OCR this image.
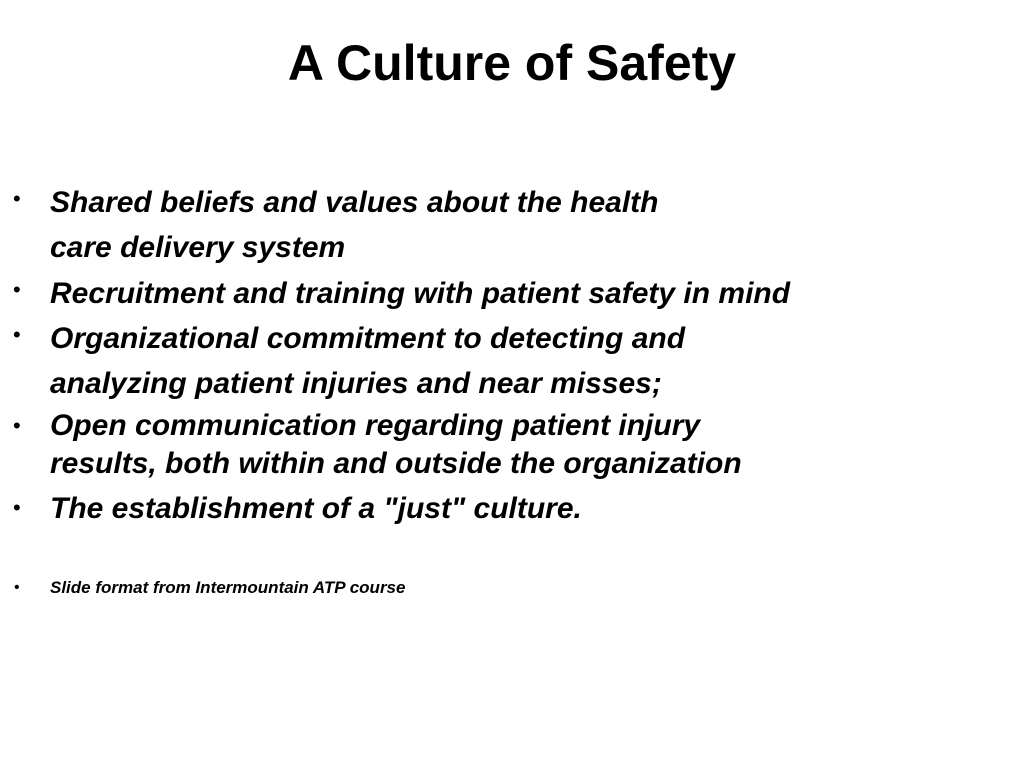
A Culture of Safety
• Shared beliefs and values about the health
care delivery system
• Recruitment and training with patient safety in mind
• Organizational commitment to detecting and
analyzing patient injuries and near misses;
• Open communication regarding patient injury
results, both within and outside the organization
• The establishment of a "just" culture.
• Slide format from Intermountain ATP course
